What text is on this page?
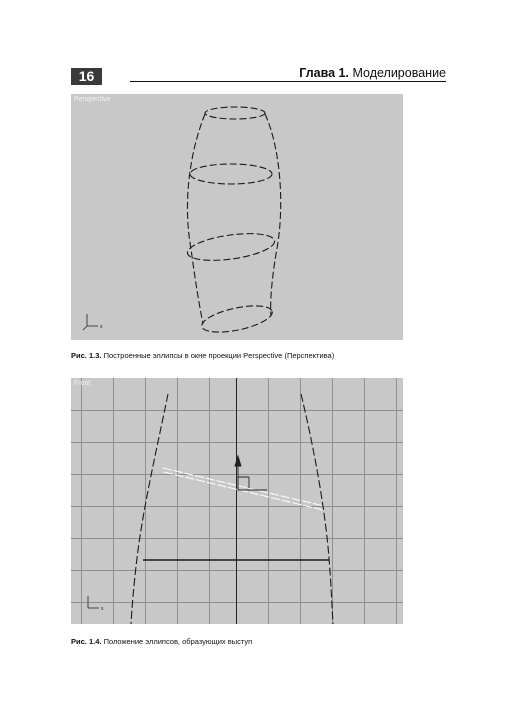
16	Глава 1. Моделирование
x
Perspective
Рис. 1.3. Построенные эллипсы в окне проекции Perspective (Перспектива)
x
Front
Рис. 1.4. Положение эллипсов, образующих выступ
